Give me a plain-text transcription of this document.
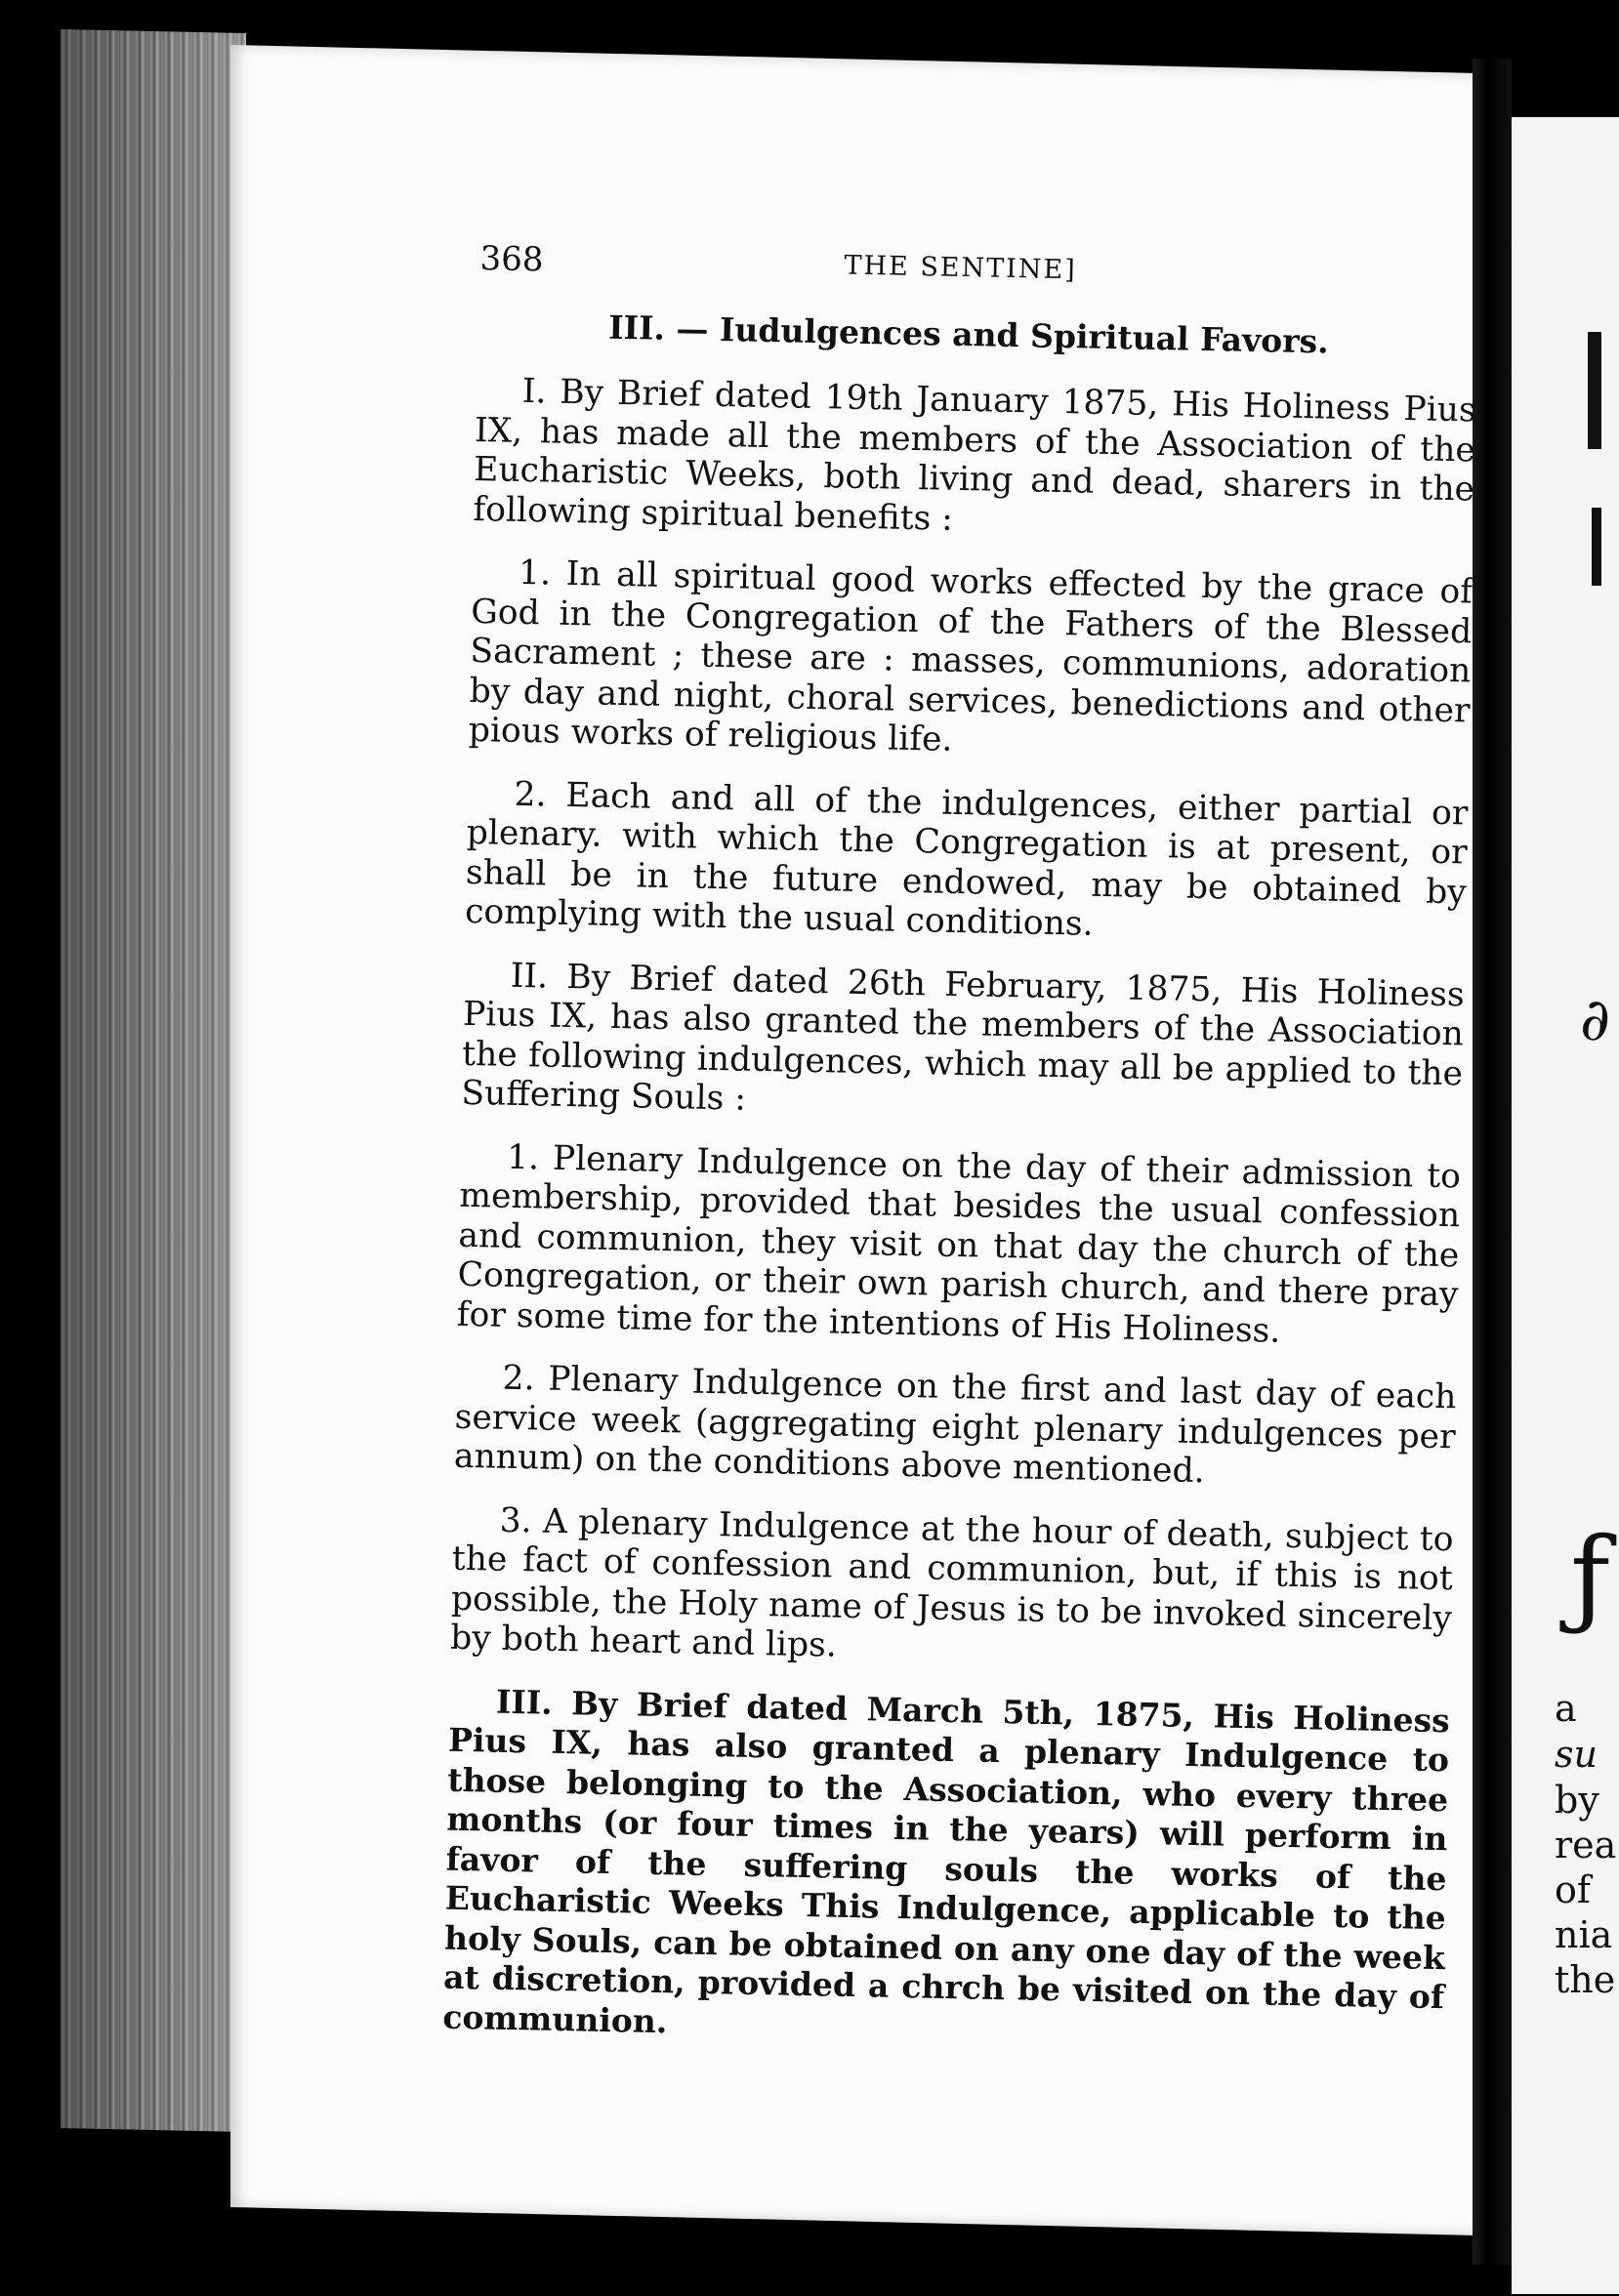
∂
ƒ
a
su
by
rea
of
nia
the
368	THE SENTINE]
III. — Iudulgences and Spiritual Favors.

I. By Brief dated 19th January 1875, His Holiness Pius IX, has made all the members of the Association of the Eucharistic Weeks, both living and dead, sharers in the following spiritual benefits :

1. In all spiritual good works effected by the grace of God in the Congregation of the Fathers of the Blessed Sacrament ; these are : masses, communions, adoration by day and night, choral services, benedictions and other pious works of religious life.

2. Each and all of the indulgences, either partial or plenary. with which the Congregation is at present, or shall be in the future endowed, may be obtained by complying with the usual conditions.

II. By Brief dated 26th February, 1875, His Holiness Pius IX, has also granted the members of the Association the following indulgences, which may all be applied to the Suffering Souls :

1. Plenary Indulgence on the day of their admission to membership, provided that besides the usual confession and communion, they visit on that day the church of the Congregation, or their own parish church, and there pray for some time for the intentions of His Holiness.

2. Plenary Indulgence on the first and last day of each service week (aggregating eight plenary indulgences per annum) on the conditions above mentioned.

3. A plenary Indulgence at the hour of death, subject to the fact of confession and communion, but, if this is not possible, the Holy name of Jesus is to be invoked sincerely by both heart and lips.

III. By Brief dated March 5th, 1875, His Holiness Pius IX, has also granted a plenary Indulgence to those belonging to the Association, who every three months (or four times in the years) will perform in favor of the suffering souls the works of the Eucharistic Weeks This Indulgence, applicable to the holy Souls, can be obtained on any one day of the week at discretion, provided a chrch be visited on the day of communion.
